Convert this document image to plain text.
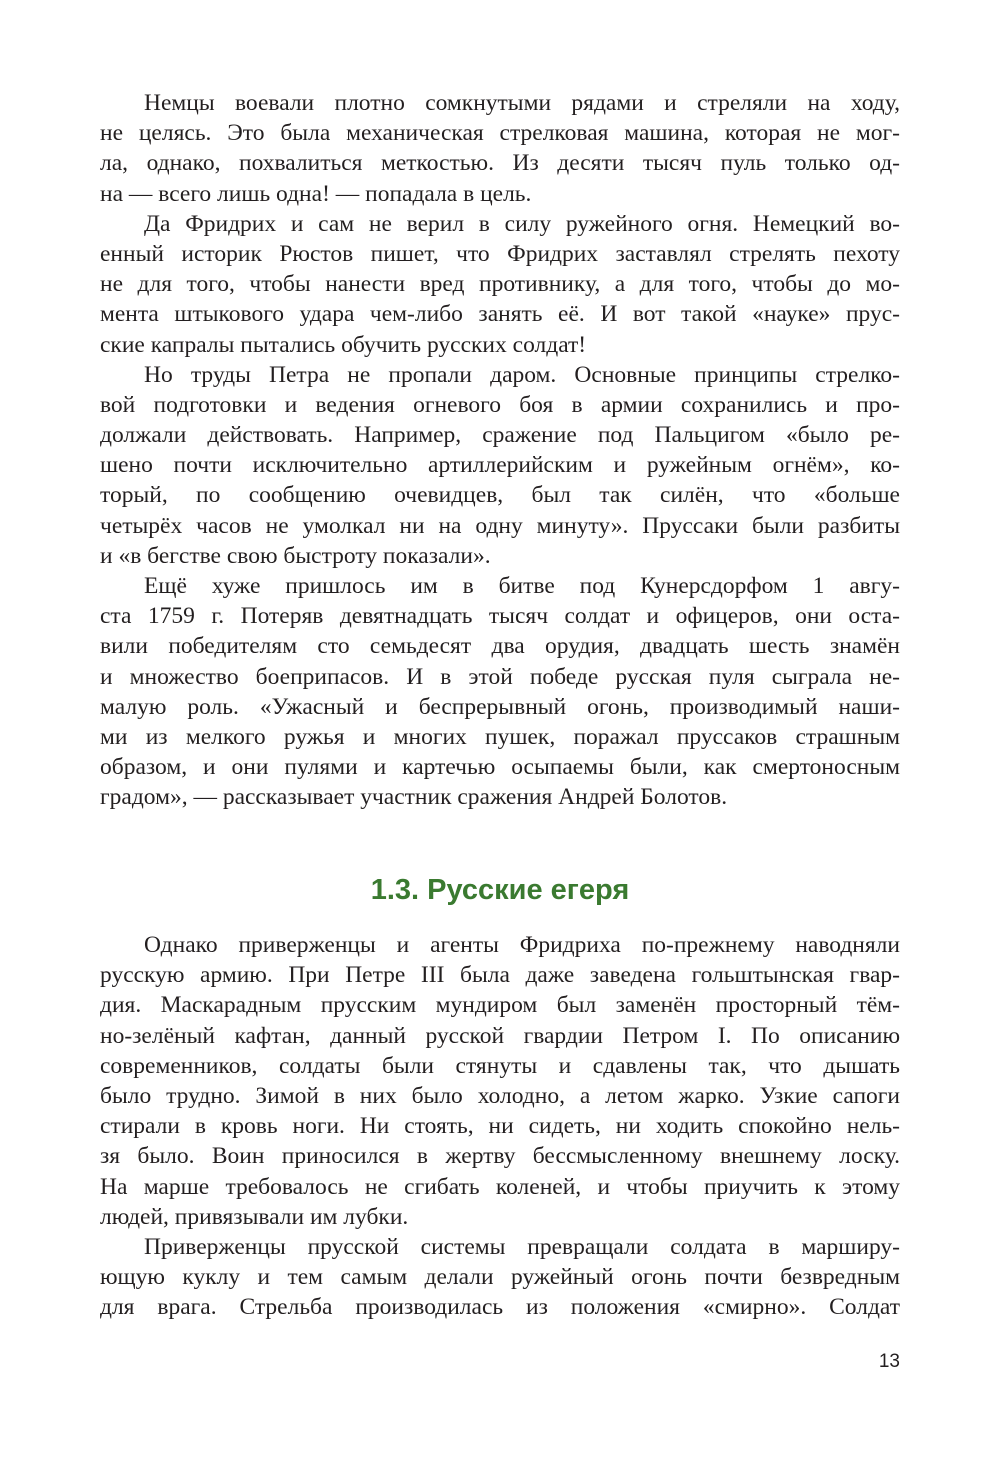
Немцы воевали плотно сомкнутыми рядами и стреляли на ходу,
не целясь. Это была механическая стрелковая машина, которая не мог-
ла, однако, похвалиться меткостью. Из десяти тысяч пуль только од-
на — всего лишь одна! — попадала в цель.
Да Фридрих и сам не верил в силу ружейного огня. Немецкий во-
енный историк Рюстов пишет, что Фридрих заставлял стрелять пехоту
не для того, чтобы нанести вред противнику, а для того, чтобы до мо-
мента штыкового удара чем-либо занять её. И вот такой «науке» прус-
ские капралы пытались обучить русских солдат!
Но труды Петра не пропали даром. Основные принципы стрелко-
вой подготовки и ведения огневого боя в армии сохранились и про-
должали действовать. Например, сражение под Пальцигом «было ре-
шено почти исключительно артиллерийским и ружейным огнём», ко-
торый, по сообщению очевидцев, был так силён, что «больше
четырёх часов не умолкал ни на одну минуту». Пруссаки были разбиты
и «в бегстве свою быстроту показали».
Ещё хуже пришлось им в битве под Кунерсдорфом 1 авгу-
ста 1759 г. Потеряв девятнадцать тысяч солдат и офицеров, они оста-
вили победителям сто семьдесят два орудия, двадцать шесть знамён
и множество боеприпасов. И в этой победе русская пуля сыграла не-
малую роль. «Ужасный и беспрерывный огонь, производимый наши-
ми из мелкого ружья и многих пушек, поражал пруссаков страшным
образом, и они пулями и картечью осыпаемы были, как смертоносным
градом», — рассказывает участник сражения Андрей Болотов.
1.3. Русские егеря
Однако приверженцы и агенты Фридриха по-прежнему наводняли
русскую армию. При Петре III была даже заведена гольштынская гвар-
дия. Маскарадным прусским мундиром был заменён просторный тём-
но-зелёный кафтан, данный русской гвардии Петром I. По описанию
современников, солдаты были стянуты и сдавлены так, что дышать
было трудно. Зимой в них было холодно, а летом жарко. Узкие сапоги
стирали в кровь ноги. Ни стоять, ни сидеть, ни ходить спокойно нель-
зя было. Воин приносился в жертву бессмысленному внешнему лоску.
На марше требовалось не сгибать коленей, и чтобы приучить к этому
людей, привязывали им лубки.
Приверженцы прусской системы превращали солдата в марширу-
ющую куклу и тем самым делали ружейный огонь почти безвредным
для врага. Стрельба производилась из положения «смирно». Солдат
13
